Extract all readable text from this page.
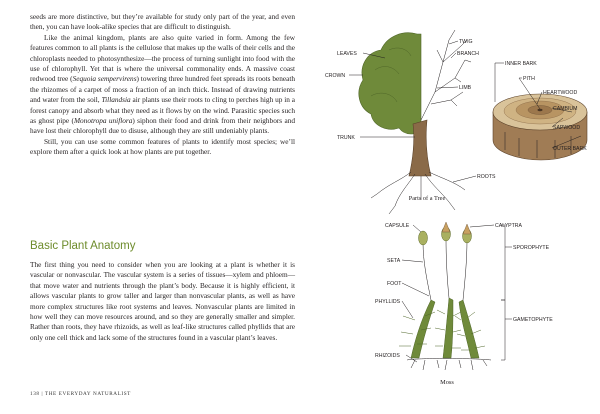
seeds are more distinctive, but they’re available for study only part of the year, and even then, you can have look-alike species that are difficult to distinguish.

Like the animal kingdom, plants are also quite varied in form. Among the few features common to all plants is the cellulose that makes up the walls of their cells and the chloroplasts needed to photosynthesize—the process of turning sunlight into food with the use of chlorophyll. Yet that is where the universal commonality ends. A massive coast redwood tree (Sequoia sempervirens) towering three hundred feet spreads its roots beneath the rhizomes of a carpet of moss a fraction of an inch thick. Instead of drawing nutrients and water from the soil, Tillandsia air plants use their roots to cling to perches high up in a forest canopy and absorb what they need as it flows by on the wind. Parasitic species such as ghost pipe (Monotropa uniflora) siphon their food and drink from their neighbors and have lost their chlorophyll due to disuse, although they are still undeniably plants.

Still, you can use some common features of plants to identify most species; we’ll explore them after a quick look at how plants are put together.

Basic Plant Anatomy

The first thing you need to consider when you are looking at a plant is whether it is vascular or nonvascular. The vascular system is a series of tissues—xylem and phloem—that move water and nutrients through the plant’s body. Because it is highly efficient, it allows vascular plants to grow taller and larger than nonvascular plants, as well as have more complex structures like root systems and leaves. Nonvascular plants are limited in how well they can move resources around, and so they are generally smaller and simpler. Rather than roots, they have rhizoids, as well as leaf-like structures called phyllids that are only one cell thick and lack some of the structures found in a vascular plant’s leaves.

138 | THE EVERYDAY NATURALIST
LEAVES
CROWN
TRUNK
TWIG
BRANCH
LIMB
ROOTS
INNER BARK
PITH
HEARTWOOD
CAMBIUM
SAPWOOD
OUTER BARK
Parts of a Tree
CAPSULE	CALYPTRA
SPOROPHYTE
SETA
FOOT
PHYLLIDS
GAMETOPHYTE
RHIZOIDS
Moss
